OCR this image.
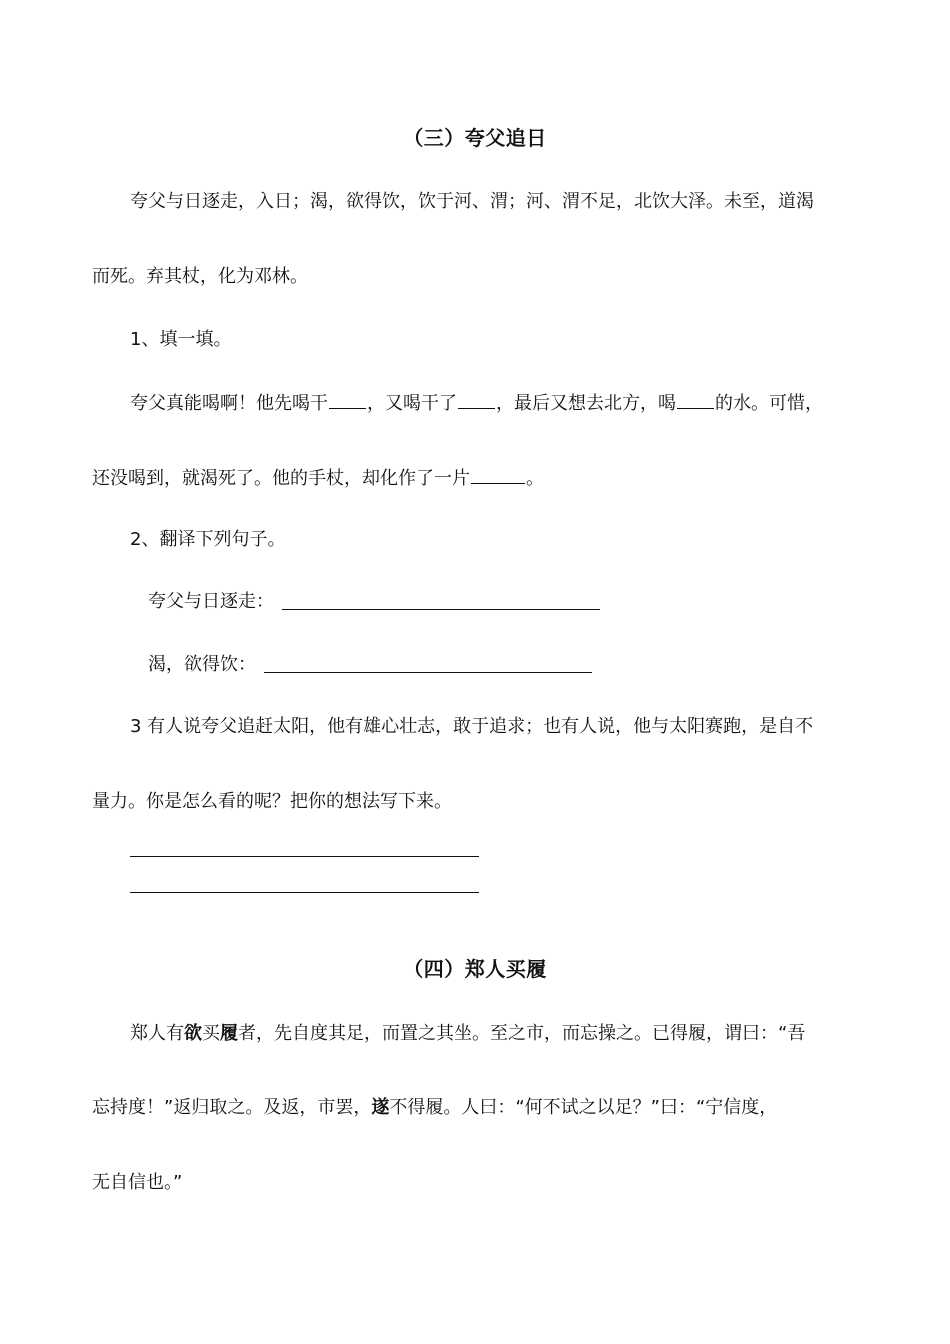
（三）夸父追日
夸父与日逐走，入日；渴，欲得饮，饮于河、渭；河、渭不足，北饮大泽。未至，道渴
而死。弃其杖，化为邓林。
1、填一填。
夸父真能喝啊！他先喝干 ，又喝干了 ，最后又想去北方，喝 的水。可惜，
还没喝到，就渴死了。他的手杖，却化作了一片	。
2、翻译下列句子。
夸父与日逐走：
渴，欲得饮：
3 有人说夸父追赶太阳，他有雄心壮志，敢于追求；也有人说，他与太阳赛跑，是自不
量力。你是怎么看的呢？把你的想法写下来。
（四）郑人买履
郑人有欲买履者，先自度其足，而置之其坐。至之市，而忘操之。已得履，谓曰：“吾
忘持度！”返归取之。及返，市罢，遂不得履。人曰：“何不试之以足？”曰：“宁信度，
无自信也。”
